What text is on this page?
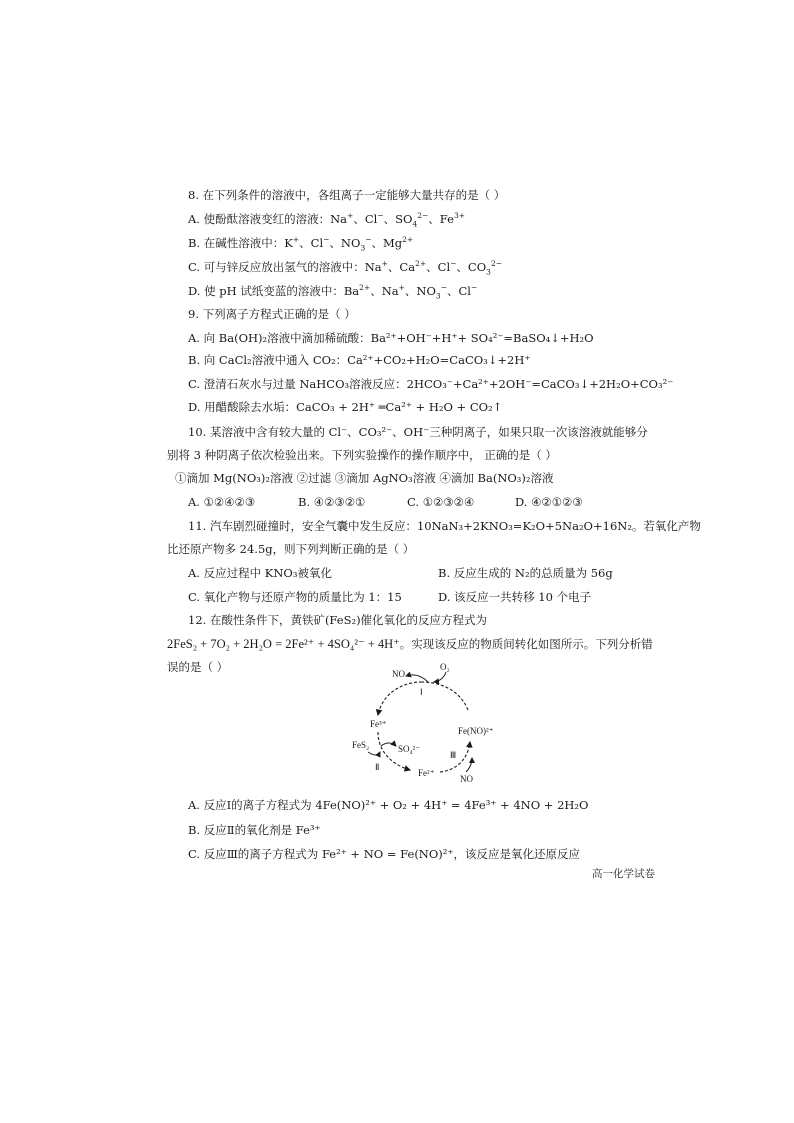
8. 在下列条件的溶液中，各组离子一定能够大量共存的是（ ）
A. 使酚酞溶液变红的溶液：Na+、Cl−、$SO_4^{2-}$、$Fe^{3+}$
B. 在碱性溶液中：K+、Cl−、$NO_3^-$、$Mg^{2+}$
C. 可与锌反应放出氢气的溶液中：Na+、$Ca^{2+}$、Cl−、$CO_3^{2-}$
D. 使 pH 试纸变蓝的溶液中：$Ba^{2+}$、Na+、$NO_3^-$、Cl−
9. 下列离子方程式正确的是（ ）
A. 向 Ba(OH)₂溶液中滴加稀硫酸：Ba²⁺+OH⁻+H⁺+ SO₄²⁻=BaSO₄↓+H₂O
B. 向 CaCl₂溶液中通入 CO₂：Ca²⁺+CO₂+H₂O=CaCO₃↓+2H⁺
C. 澄清石灰水与过量 NaHCO₃溶液反应：2HCO₃⁻+Ca²⁺+2OH⁻=CaCO₃↓+2H₂O+CO₃²⁻
D. 用醋酸除去水垢：CaCO₃ + 2H⁺ ═Ca²⁺ + H₂O + CO₂↑
10. 某溶液中含有较大量的 Cl⁻、CO₃²⁻、OH⁻三种阴离子，如果只取一次该溶液就能够分
别将 3 种阴离子依次检验出来。下列实验操作的操作顺序中， 正确的是（ ）
①滴加 Mg(NO₃)₂溶液 ②过滤 ③滴加 AgNO₃溶液 ④滴加 Ba(NO₃)₂溶液
A. ①②④②③	B. ④②③②①	C. ①②③②④	D. ④②①②③
11. 汽车剧烈碰撞时，安全气囊中发生反应：10NaN₃+2KNO₃=K₂O+5Na₂O+16N₂。若氧化产物
比还原产物多 24.5g，则下列判断正确的是（ ）
A. 反应过程中 KNO₃被氧化	B. 反应生成的 N₂的总质量为 56g
C. 氧化产物与还原产物的质量比为 1：15	D. 该反应一共转移 10 个电子
12. 在酸性条件下，黄铁矿(FeS₂)催化氧化的反应方程式为
2FeS₂ + 7O₂ + 2H₂O = 2Fe²⁺ + 4SO₄²⁻ + 4H⁺。实现该反应的物质间转化如图所示。下列分析错
误的是（ ）	NO
O₂
Ⅰ
Fe³⁺
Fe(NO)²⁺
FeS₂	SO₄²⁻
Ⅱ
Ⅲ
Fe²⁺
NO
A. 反应Ⅰ的离子方程式为 4Fe(NO)²⁺ + O₂ + 4H⁺ = 4Fe³⁺ + 4NO + 2H₂O
B. 反应Ⅱ的氧化剂是 Fe³⁺
C. 反应Ⅲ的离子方程式为 Fe²⁺ + NO = Fe(NO)²⁺，该反应是氧化还原反应
高一化学试卷
